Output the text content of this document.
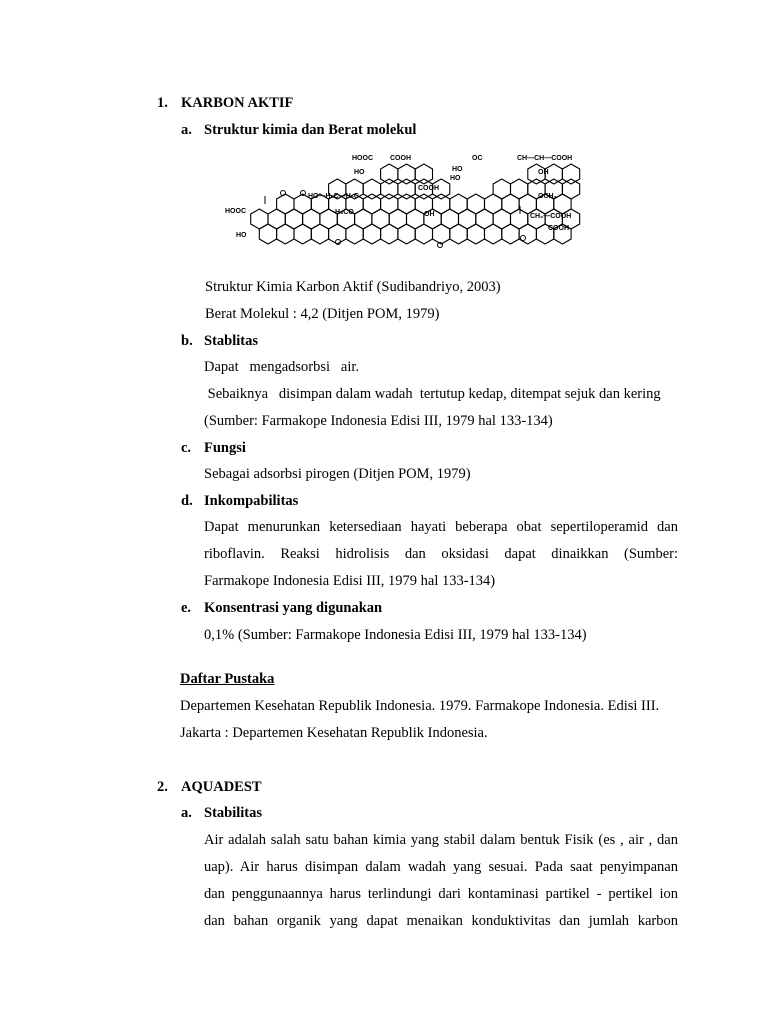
1. KARBON AKTIF
a. Struktur kimia dan Berat molekul
HOOC COOH
HO	HO
OC	CH—CH—COOH
OH
OCH₃
HO—H₂C—H₂C
COOH
H₃CO	OH
HOOC
HO
CH₂—COOH
COOH
HO
Struktur Kimia Karbon Aktif (Sudibandriyo, 2003)
Berat Molekul : 4,2 (Ditjen POM, 1979)
b. Stablitas
Dapat   mengadsorbsi   air.
Sebaiknya   disimpan dalam wadah  tertutup kedap, ditempat sejuk dan kering
(Sumber: Farmakope Indonesia Edisi III, 1979 hal 133-134)
c. Fungsi
Sebagai adsorbsi pirogen (Ditjen POM, 1979)
d. Inkompabilitas
Dapat menurunkan ketersediaan hayati beberapa obat sepertiloperamid dan
riboflavin. Reaksi hidrolisis dan oksidasi dapat dinaikkan (Sumber:
Farmakope Indonesia Edisi III, 1979 hal 133-134)
e. Konsentrasi yang digunakan
0,1% (Sumber: Farmakope Indonesia Edisi III, 1979 hal 133-134)
Daftar Pustaka
Departemen Kesehatan Republik Indonesia. 1979. Farmakope Indonesia. Edisi III.
Jakarta : Departemen Kesehatan Republik Indonesia.
2. AQUADEST
a. Stabilitas
Air adalah salah satu bahan kimia yang stabil dalam bentuk Fisik (es , air , dan
uap). Air harus disimpan dalam wadah yang sesuai. Pada saat penyimpanan
dan penggunaannya harus terlindungi dari kontaminasi partikel - pertikel ion
dan bahan organik yang dapat menaikan konduktivitas dan jumlah karbon
